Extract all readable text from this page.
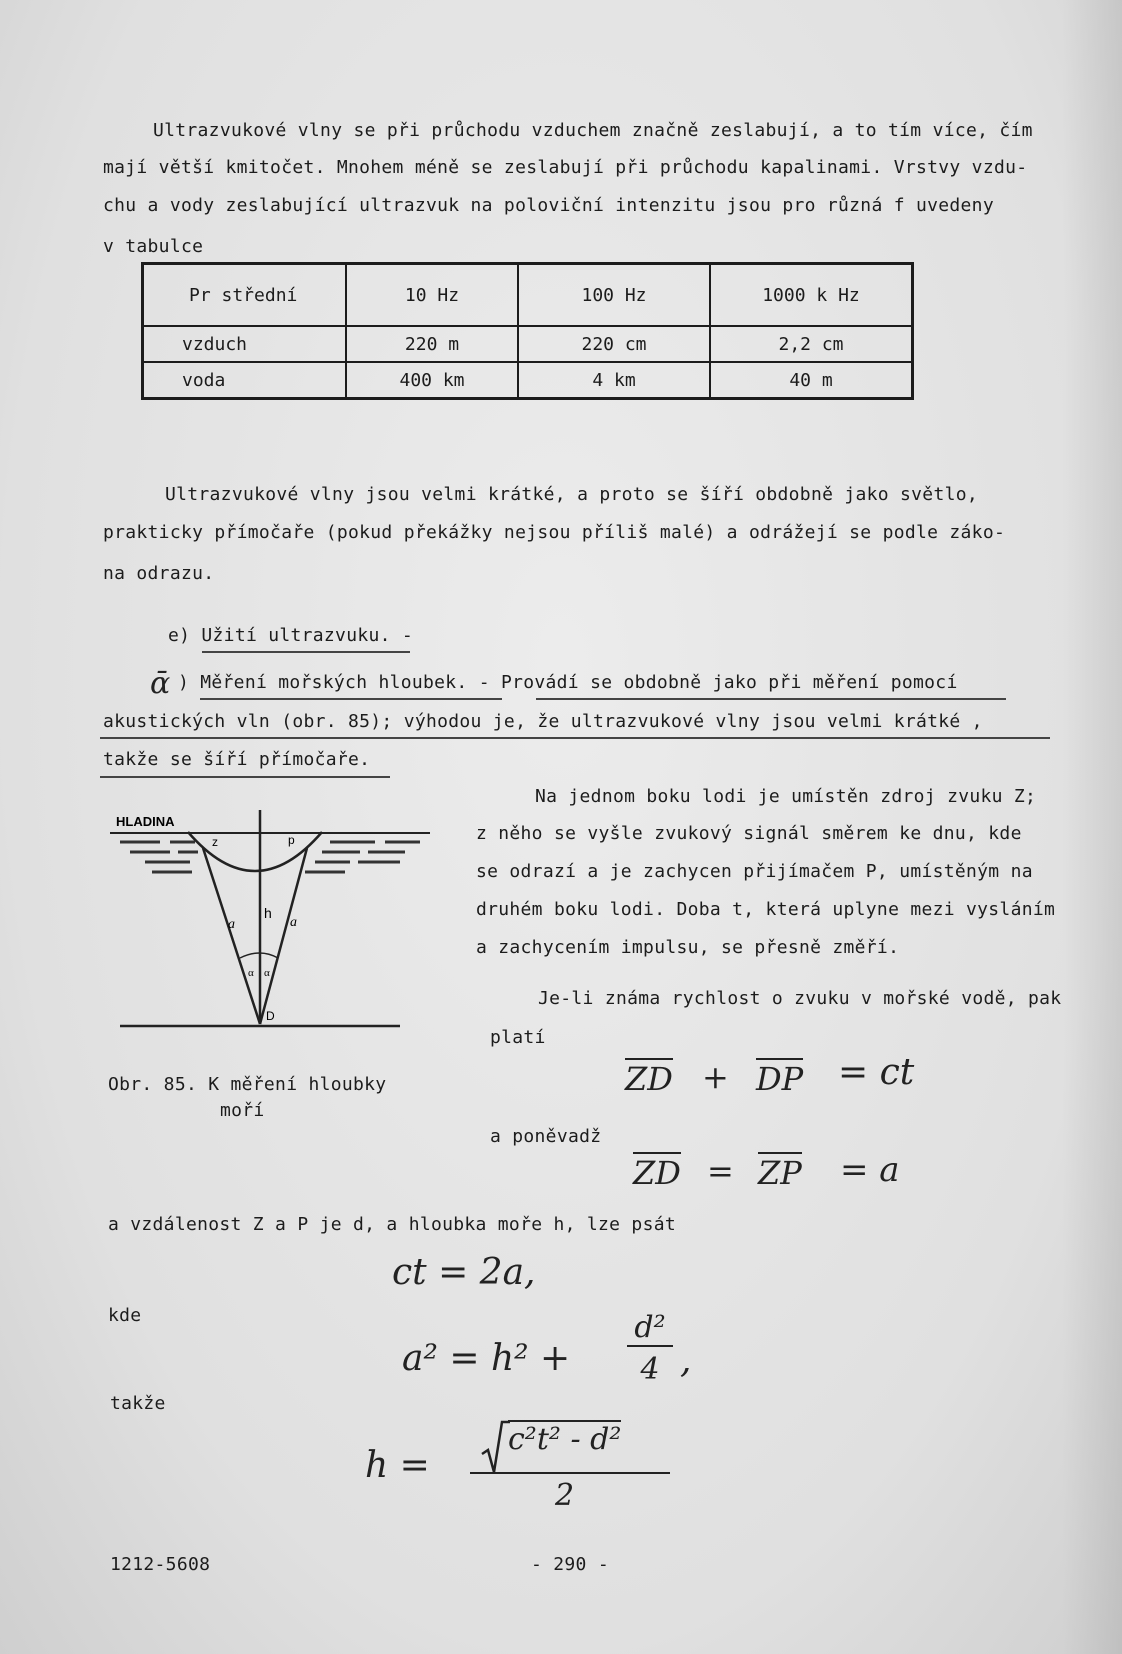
Ultrazvukové vlny se při průchodu vzduchem značně zeslabují, a to tím více, čím
mají větší kmitočet. Mnohem méně se zeslabují při průchodu kapalinami. Vrstvy vzdu-
chu a vody zeslabující ultrazvuk na poloviční intenzitu jsou pro různá f uvedeny
v tabulce
Pr střední	10 Hz	100 Hz	1000 k Hz
vzduch	220 m	220 cm	2,2 cm
voda	400 km	4 km	40 m
Ultrazvukové vlny jsou velmi krátké, a proto se šíří obdobně jako světlo,
prakticky přímočaře (pokud překážky nejsou příliš malé) a odrážejí se podle záko-
na odrazu.
e) Užití ultrazvuku. -
ᾱ ) Měření mořských hloubek. - Provádí se obdobně jako při měření pomocí
akustických vln (obr. 85); výhodou je, že ultrazvukové vlny jsou velmi krátké ,
takže se šíří přímočaře.
HLADINA
z	p
h
a	a
α α
D
Obr. 85. K měření hloubky
moří
Na jednom boku lodi je umístěn zdroj zvuku Z;
z něho se vyšle zvukový signál směrem ke dnu, kde
se odrazí a je zachycen přijímačem P, umístěným na
druhém boku lodi. Doba t, která uplyne mezi vysláním
a zachycením impulsu, se přesně změří.
Je-li známa rychlost o zvuku v mořské vodě, pak
platí
ZD + DP = ct
a poněvadž
ZD = ZP = a
a vzdálenost Z a P je d, a hloubka moře h, lze psát
ct = 2a,
kde
a² = h² +
d²
4 ,
takže
h =
c²t² - d²
2
1212-5608	- 290 -
